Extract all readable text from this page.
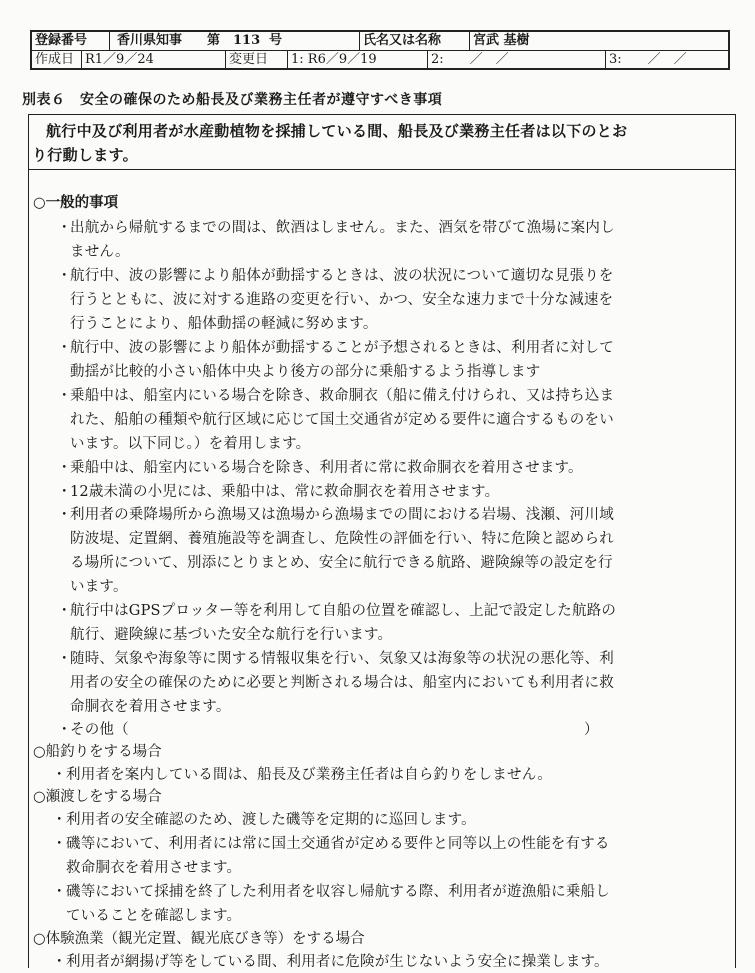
登録番号	香川県知事	第 113 号	氏名又は名称	宮武 基樹
作成日 R1／9／24	変更日	1: R6／9／19	2:　　／　／	3:　　／　／
別表６　安全の確保のため船長及び業務主任者が遵守すべき事項
航行中及び利用者が水産動植物を採捕している間、船長及び業務主任者は以下のとお
り行動します。
○一般的事項
・
出航から帰航するまでの間は、飲酒はしません。また、酒気を帯びて漁場に案内し
ません。
・
航行中、波の影響により船体が動揺するときは、波の状況について適切な見張りを
行うとともに、波に対する進路の変更を行い、かつ、安全な速力まで十分な減速を
行うことにより、船体動揺の軽減に努めます。
・
航行中、波の影響により船体が動揺することが予想されるときは、利用者に対して
動揺が比較的小さい船体中央より後方の部分に乗船するよう指導します
・
乗船中は、船室内にいる場合を除き、救命胴衣（船に備え付けられ、又は持ち込ま
れた、船舶の種類や航行区域に応じて国土交通省が定める要件に適合するものをい
います。以下同じ。）を着用します。
・
乗船中は、船室内にいる場合を除き、利用者に常に救命胴衣を着用させます。
・
12歳未満の小児には、乗船中は、常に救命胴衣を着用させます。
・
利用者の乗降場所から漁場又は漁場から漁場までの間における岩場、浅瀬、河川域
防波堤、定置網、養殖施設等を調査し、危険性の評価を行い、特に危険と認められ
る場所について、別添にとりまとめ、安全に航行できる航路、避険線等の設定を行
います。
・
航行中はGPSプロッター等を利用して自船の位置を確認し、上記で設定した航路の
航行、避険線に基づいた安全な航行を行います。
・
随時、気象や海象等に関する情報収集を行い、気象又は海象等の状況の悪化等、利
用者の安全の確保のために必要と判断される場合は、船室内においても利用者に救
命胴衣を着用させます。
・
その他（	）
○船釣りをする場合
・ 利用者を案内している間は、船長及び業務主任者は自ら釣りをしません。
○瀬渡しをする場合
・ 利用者の安全確認のため、渡した磯等を定期的に巡回します。
・ 磯等において、利用者には常に国土交通省が定める要件と同等以上の性能を有する
救命胴衣を着用させます。
・ 磯等において採捕を終了した利用者を収容し帰航する際、利用者が遊漁船に乗船し
ていることを確認します。
○体験漁業（観光定置、観光底びき等）をする場合
・ 利用者が網揚げ等をしている間、利用者に危険が生じないよう安全に操業します。
